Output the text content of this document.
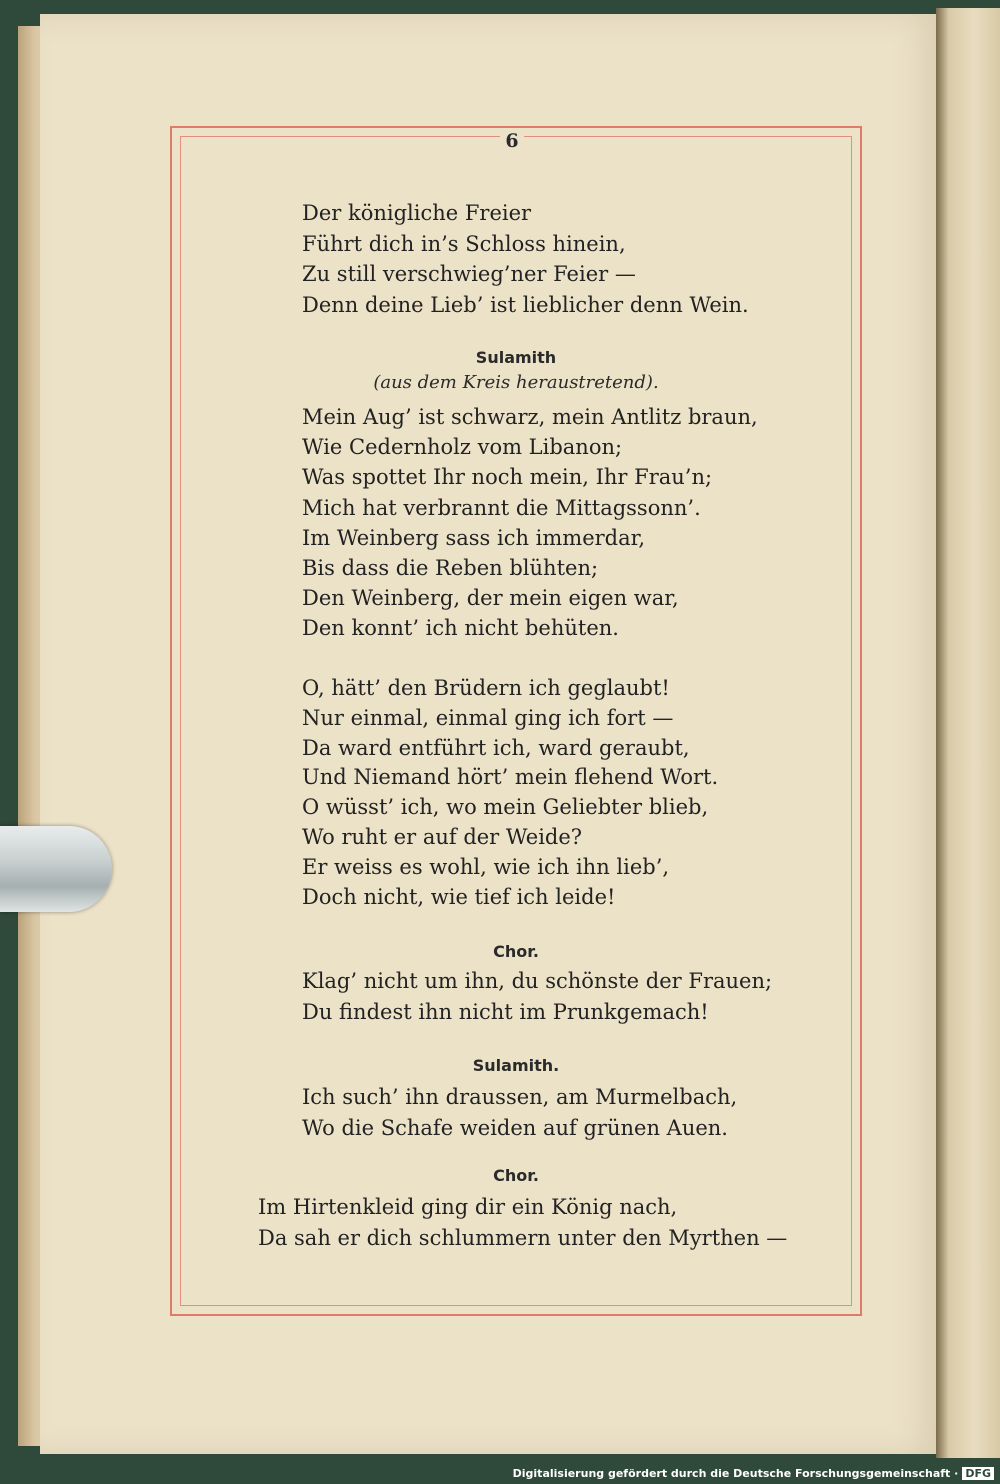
6
Der königliche Freier
Führt dich in’s Schloss hinein,
Zu still verschwieg’ner Feier —
Denn deine Lieb’ ist lieblicher denn Wein.
Sulamith
(aus dem Kreis heraustretend).
Mein Aug’ ist schwarz, mein Antlitz braun,
Wie Cedernholz vom Libanon;
Was spottet Ihr noch mein, Ihr Frau’n;
Mich hat verbrannt die Mittagssonn’.
Im Weinberg sass ich immerdar,
Bis dass die Reben blühten;
Den Weinberg, der mein eigen war,
Den konnt’ ich nicht behüten.
O, hätt’ den Brüdern ich geglaubt!
Nur einmal, einmal ging ich fort —
Da ward entführt ich, ward geraubt,
Und Niemand hört’ mein flehend Wort.
O wüsst’ ich, wo mein Geliebter blieb,
Wo ruht er auf der Weide?
Er weiss es wohl, wie ich ihn lieb’,
Doch nicht, wie tief ich leide!
Chor.
Klag’ nicht um ihn, du schönste der Frauen;
Du findest ihn nicht im Prunkgemach!
Sulamith.
Ich such’ ihn draussen, am Murmelbach,
Wo die Schafe weiden auf grünen Auen.
Chor.
Im Hirtenkleid ging dir ein König nach,
Da sah er dich schlummern unter den Myrthen —
Digitalisierung gefördert durch die Deutsche Forschungsgemeinschaft · DFG
